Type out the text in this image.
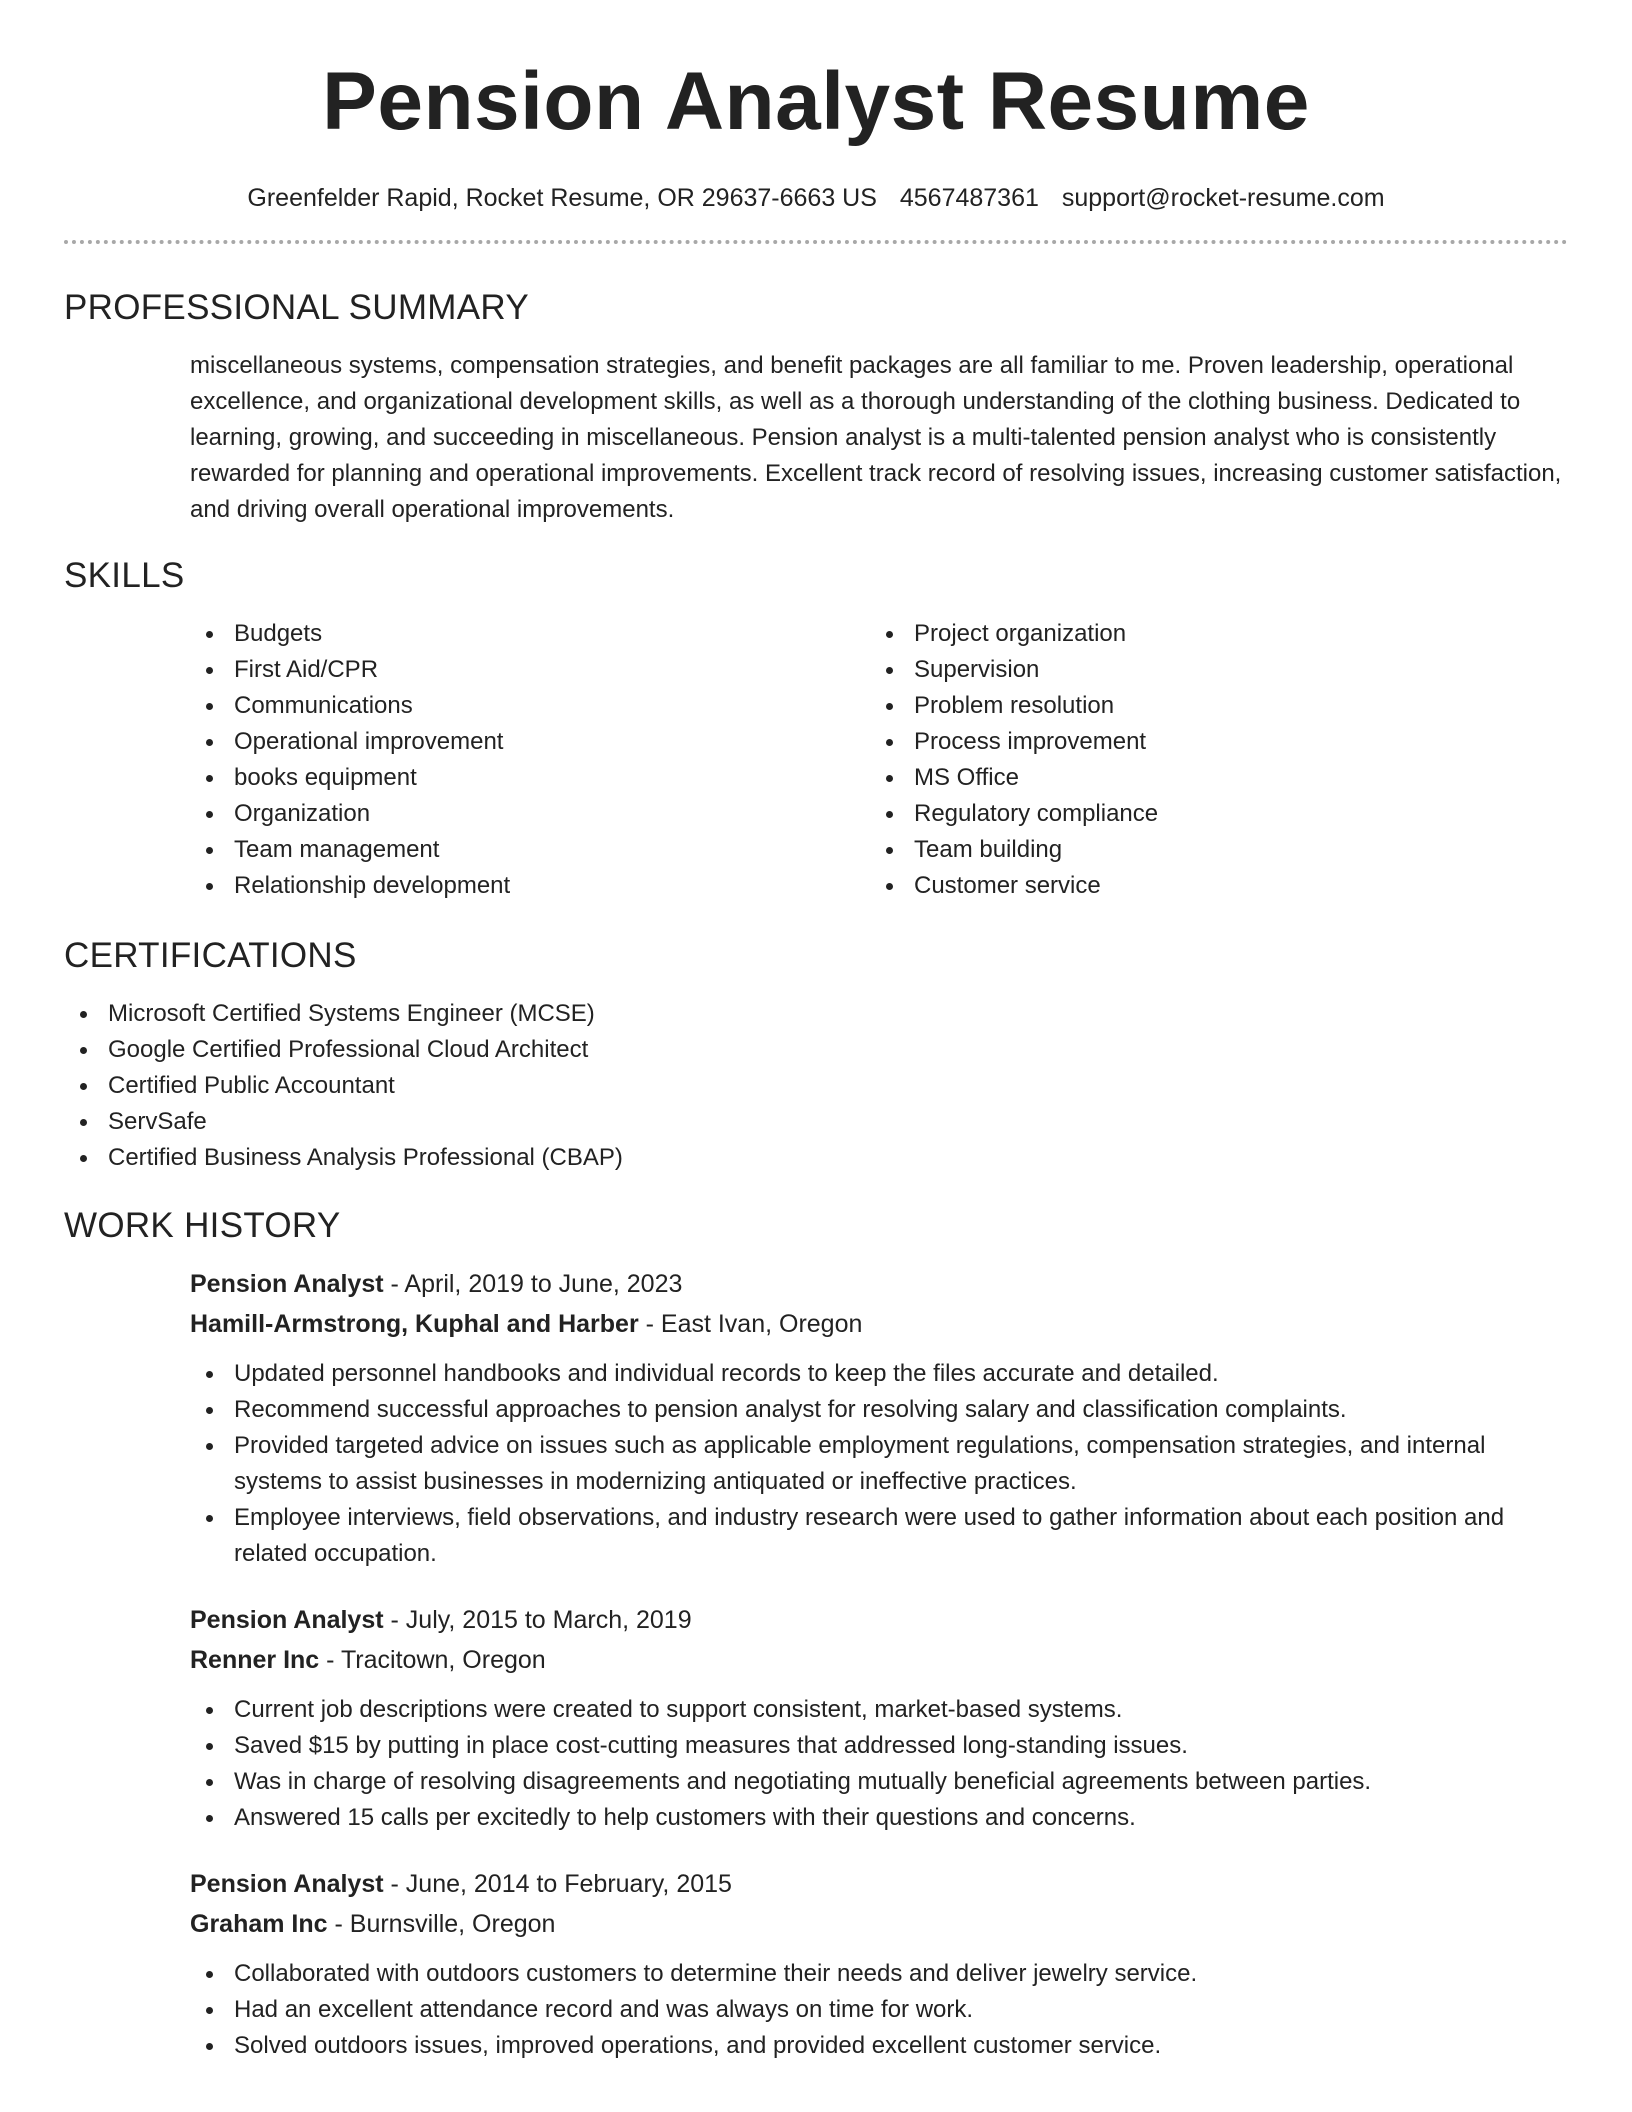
Pension Analyst Resume
Greenfelder Rapid, Rocket Resume, OR 29637-6663 US 4567487361 support@rocket-resume.com
PROFESSIONAL SUMMARY

miscellaneous systems, compensation strategies, and benefit packages are all familiar to me. Proven leadership, operational excellence, and organizational development skills, as well as a thorough understanding of the clothing business. Dedicated to learning, growing, and succeeding in miscellaneous. Pension analyst is a multi-talented pension analyst who is consistently rewarded for planning and operational improvements. Excellent track record of resolving issues, increasing customer satisfaction, and driving overall operational improvements.

SKILLS
Budgets
First Aid/CPR
Communications
Operational improvement
books equipment
Organization
Team management
Relationship development
Project organization
Supervision
Problem resolution
Process improvement
MS Office
Regulatory compliance
Team building
Customer service
CERTIFICATIONS
Microsoft Certified Systems Engineer (MCSE)
Google Certified Professional Cloud Architect
Certified Public Accountant
ServSafe
Certified Business Analysis Professional (CBAP)
WORK HISTORY
Pension Analyst - April, 2019 to June, 2023
Hamill-Armstrong, Kuphal and Harber - East Ivan, Oregon
Updated personnel handbooks and individual records to keep the files accurate and detailed.
Recommend successful approaches to pension analyst for resolving salary and classification complaints.
Provided targeted advice on issues such as applicable employment regulations, compensation strategies, and internal systems to assist businesses in modernizing antiquated or ineffective practices.
Employee interviews, field observations, and industry research were used to gather information about each position and related occupation.
Pension Analyst - July, 2015 to March, 2019
Renner Inc - Tracitown, Oregon
Current job descriptions were created to support consistent, market-based systems.
Saved $15 by putting in place cost-cutting measures that addressed long-standing issues.
Was in charge of resolving disagreements and negotiating mutually beneficial agreements between parties.
Answered 15 calls per excitedly to help customers with their questions and concerns.
Pension Analyst - June, 2014 to February, 2015
Graham Inc - Burnsville, Oregon
Collaborated with outdoors customers to determine their needs and deliver jewelry service.
Had an excellent attendance record and was always on time for work.
Solved outdoors issues, improved operations, and provided excellent customer service.
